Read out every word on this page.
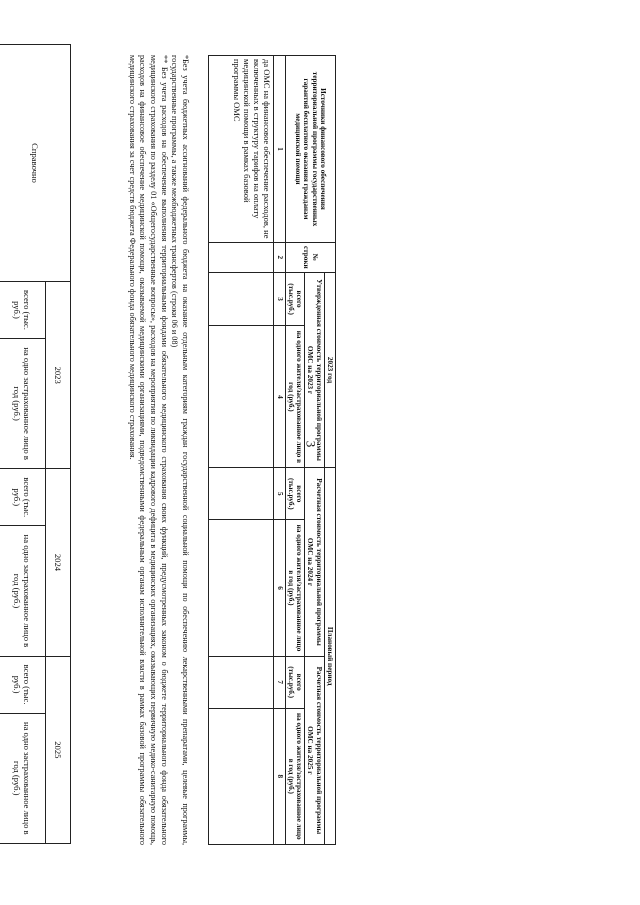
3
Источники финансового обеспечения территориальной программы государственных гарантий бесплатного оказания гражданам медицинской помощи	№ строки	2023 год		Плановый период			
		Утвержденная стоимость территориальной программы ОМС на 2023 г		Расчетная стоимость территориальной программы ОМС на 2024 г		Расчетная стоимость территориальной программы ОМС на 2025 г	
		всего (тыс.руб.)	на одного жителя/застрахованное лицо в год (руб.)	всего (тыс.руб.)	на одного жителя/застрахованное лицо в год (руб.)	всего (тыс.руб.)	на одного жителя/застрахованное лицо в год (руб.)
1	2	3	4	5	6	7	8
да ОМС на финансовое обеспечение расходов, не включенных в структуру тарифов на оплату медицинской помощи в рамках базовой программы ОМС							

*Без учета бюджетных ассигнований федерального бюджета на оказание отдельным категориям граждан государственной социальной помощи по обеспечению лекарственными препаратами, целевые программы, государственные программы, а также межбюджетных трансфертов (строки 06 и 08)

** Без учета расходов на обеспечение выполнения территориальными фондами обязательного медицинского страхования своих функций, предусмотренных законом о бюджете территориального фонда обязательного медицинского страхования по разделу 01 «Общегосударственные вопросы», расходов на мероприятия по ликвидации кадрового дефицита в медицинских организациях, оказывающих первичную медико-санитарную помощь, расходов на финансовое обеспечение медицинской помощи, оказываемой медицинскими организациями, подведомственными федеральным органам исполнительной власти в рамках базовой программы обязательного медицинского страхования за счет средств бюджета Федерального фонда обязательного медицинского страхования.

Справочно	2023		2024		2025	
	всего (тыс. руб.)	на одно застрахованное лицо в год (руб.)	всего (тыс. руб.)	на одно застрахованное лицо в год (руб.)	всего (тыс. руб.)	на одно застрахованное лицо в год (руб.)
